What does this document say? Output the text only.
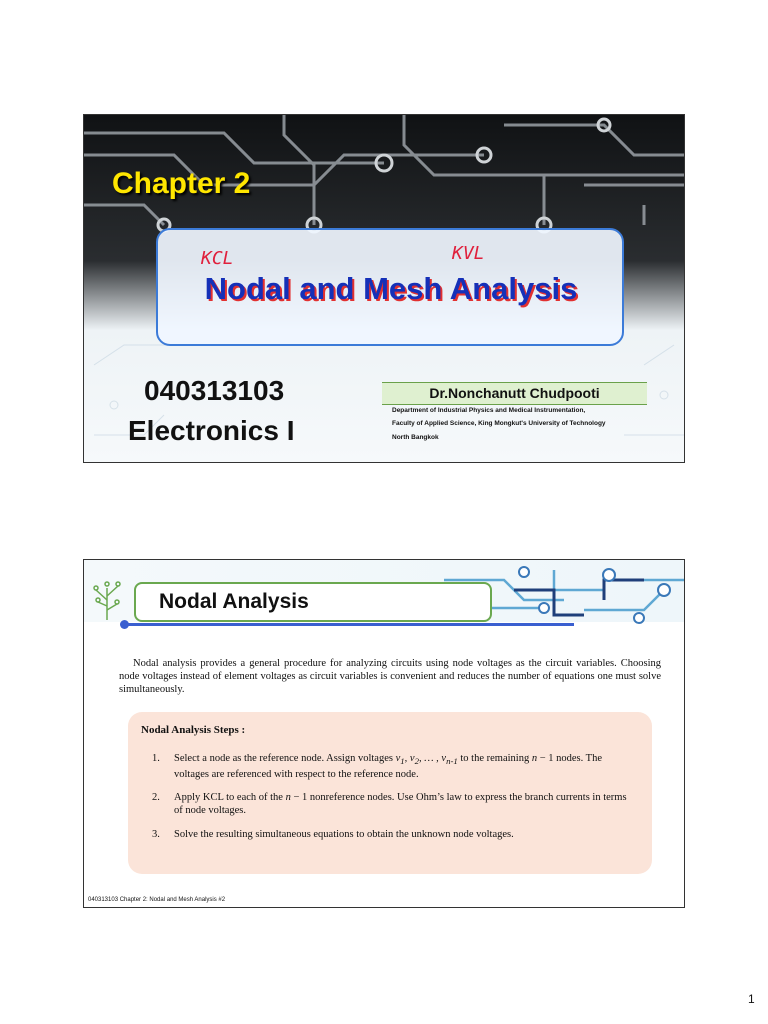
Chapter 2
KCL	KVL
Nodal and Mesh Analysis
040313103
Electronics I
Dr.Nonchanutt Chudpooti
Department of Industrial Physics and Medical Instrumentation,
Faculty of Applied Science, King Mongkut's University of Technology
North Bangkok
Nodal Analysis
Nodal analysis provides a general procedure for analyzing circuits using node voltages as the circuit variables. Choosing node voltages instead of element voltages as circuit variables is convenient and reduces the number of equations one must solve simultaneously.
Nodal Analysis Steps :
1. Select a node as the reference node. Assign voltages $v_1$, $v_2$, … , $v_{n-1}$ to the remaining n − 1 nodes. The voltages are referenced with respect to the reference node.
2. Apply KCL to each of the n − 1 nonreference nodes. Use Ohm’s law to express the branch currents in terms of node voltages.
3. Solve the resulting simultaneous equations to obtain the unknown node voltages.
040313103 Chapter 2: Nodal and Mesh Analysis #2
1
